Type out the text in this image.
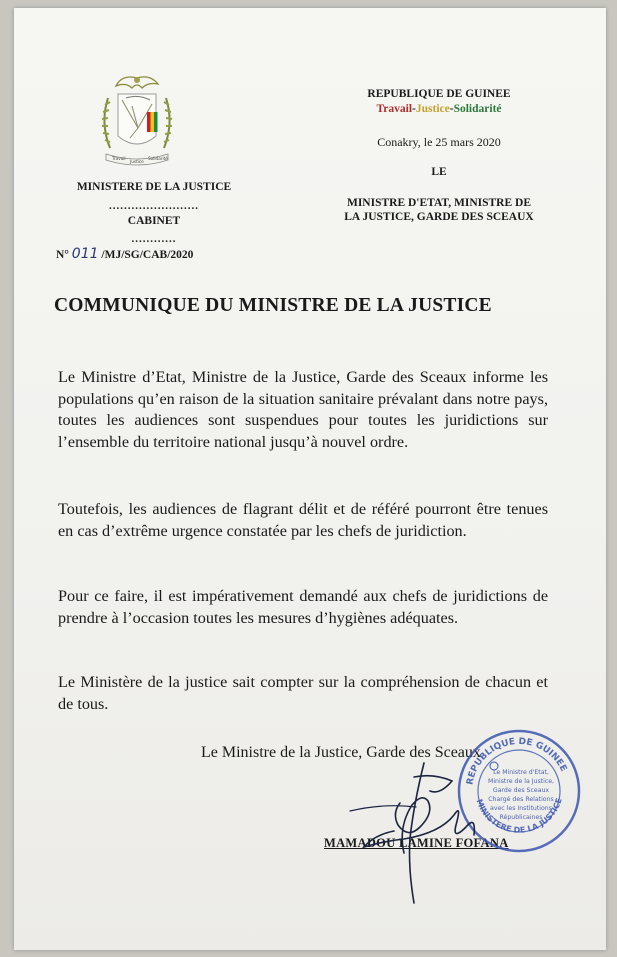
Travail
Justice
Solidarité
MINISTERE DE LA JUSTICE
........................
CABINET
............
N° 011 /MJ/SG/CAB/2020
REPUBLIQUE DE GUINEE
Travail-Justice-Solidarité
Conakry, le 25 mars 2020
LE
MINISTRE D'ETAT, MINISTRE DE
LA JUSTICE, GARDE DES SCEAUX
COMMUNIQUE DU MINISTRE DE LA JUSTICE
Le Ministre d’Etat, Ministre de la Justice, Garde des Sceaux informe les populations qu’en raison de la situation sanitaire prévalant dans notre pays, toutes les audiences sont suspendues pour toutes les juridictions sur l’ensemble du territoire national jusqu’à nouvel ordre.
Toutefois, les audiences de flagrant délit et de référé pourront être tenues en cas d’extrême urgence constatée par les chefs de juridiction.
Pour ce faire, il est impérativement demandé aux chefs de juridictions de prendre à l’occasion toutes les mesures d’hygiènes adéquates.
Le Ministère de la justice sait compter sur la compréhension de chacun et de tous.
Le Ministre de la Justice, Garde des Sceaux
MAMADOU LAMINE FOFANA
REPUBLIQUE DE GUINEE
MINISTERE DE LA JUSTICE
Le Ministre d'Etat,
Ministre de la Justice,
Garde des Sceaux
Chargé des Relations
avec les Institutions
Républicaines
